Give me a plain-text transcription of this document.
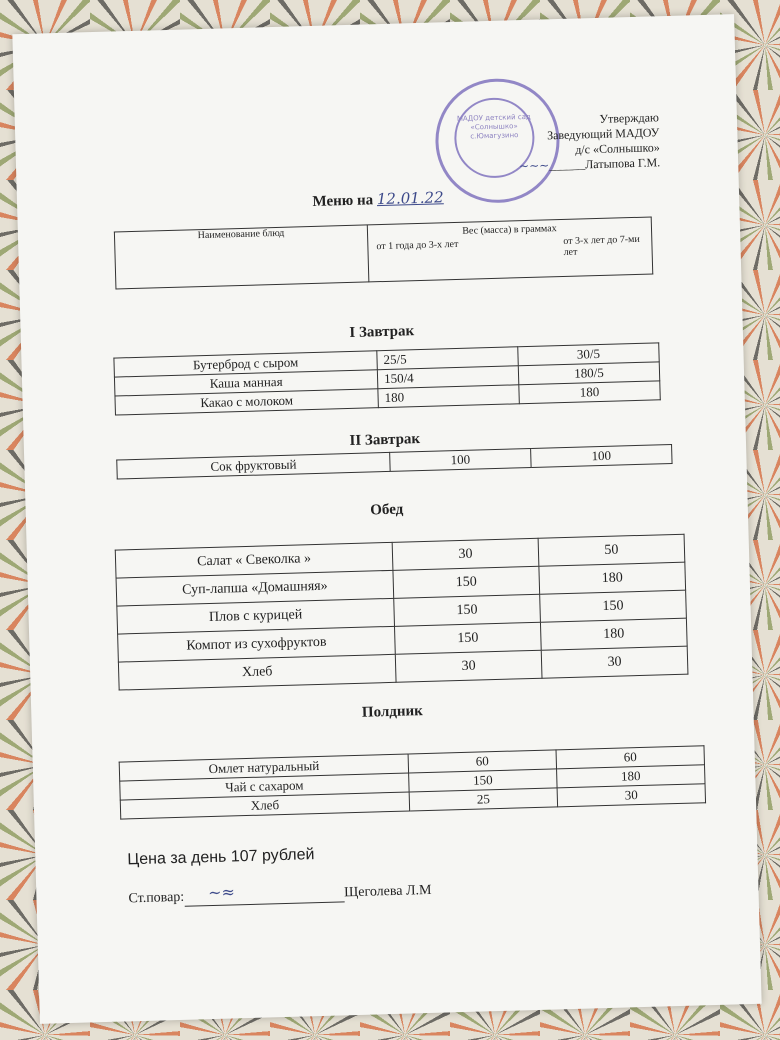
МАДОУ детский сад «Солнышко» с.Юмагузино
Утверждаю
Заведующий МАДОУ
д/с «Солнышко»
∼∼∼______Латыпова Г.М.
Меню на 12.01.22
Наименование блюд	Вес (масса) в граммах
от 1 года до 3-х лет	от 3-х лет до 7-ми лет
I Завтрак
Бутерброд с сыром	25/5	30/5
Каша манная	150/4	180/5
Какао с молоком	180	180
II Завтрак
Сок фруктовый	100	100
Обед
Салат « Свеколка »	30	50
Суп-лапша «Домашняя»	150	180
Плов с курицей	150	150
Компот из сухофруктов	150	180
Хлеб	30	30
Полдник
Омлет натуральный	60	60
Чай с сахаром	150	180
Хлеб	25	30
Цена за день 107 рублей
Ст.повар: ∼≈	Щеголева Л.М
